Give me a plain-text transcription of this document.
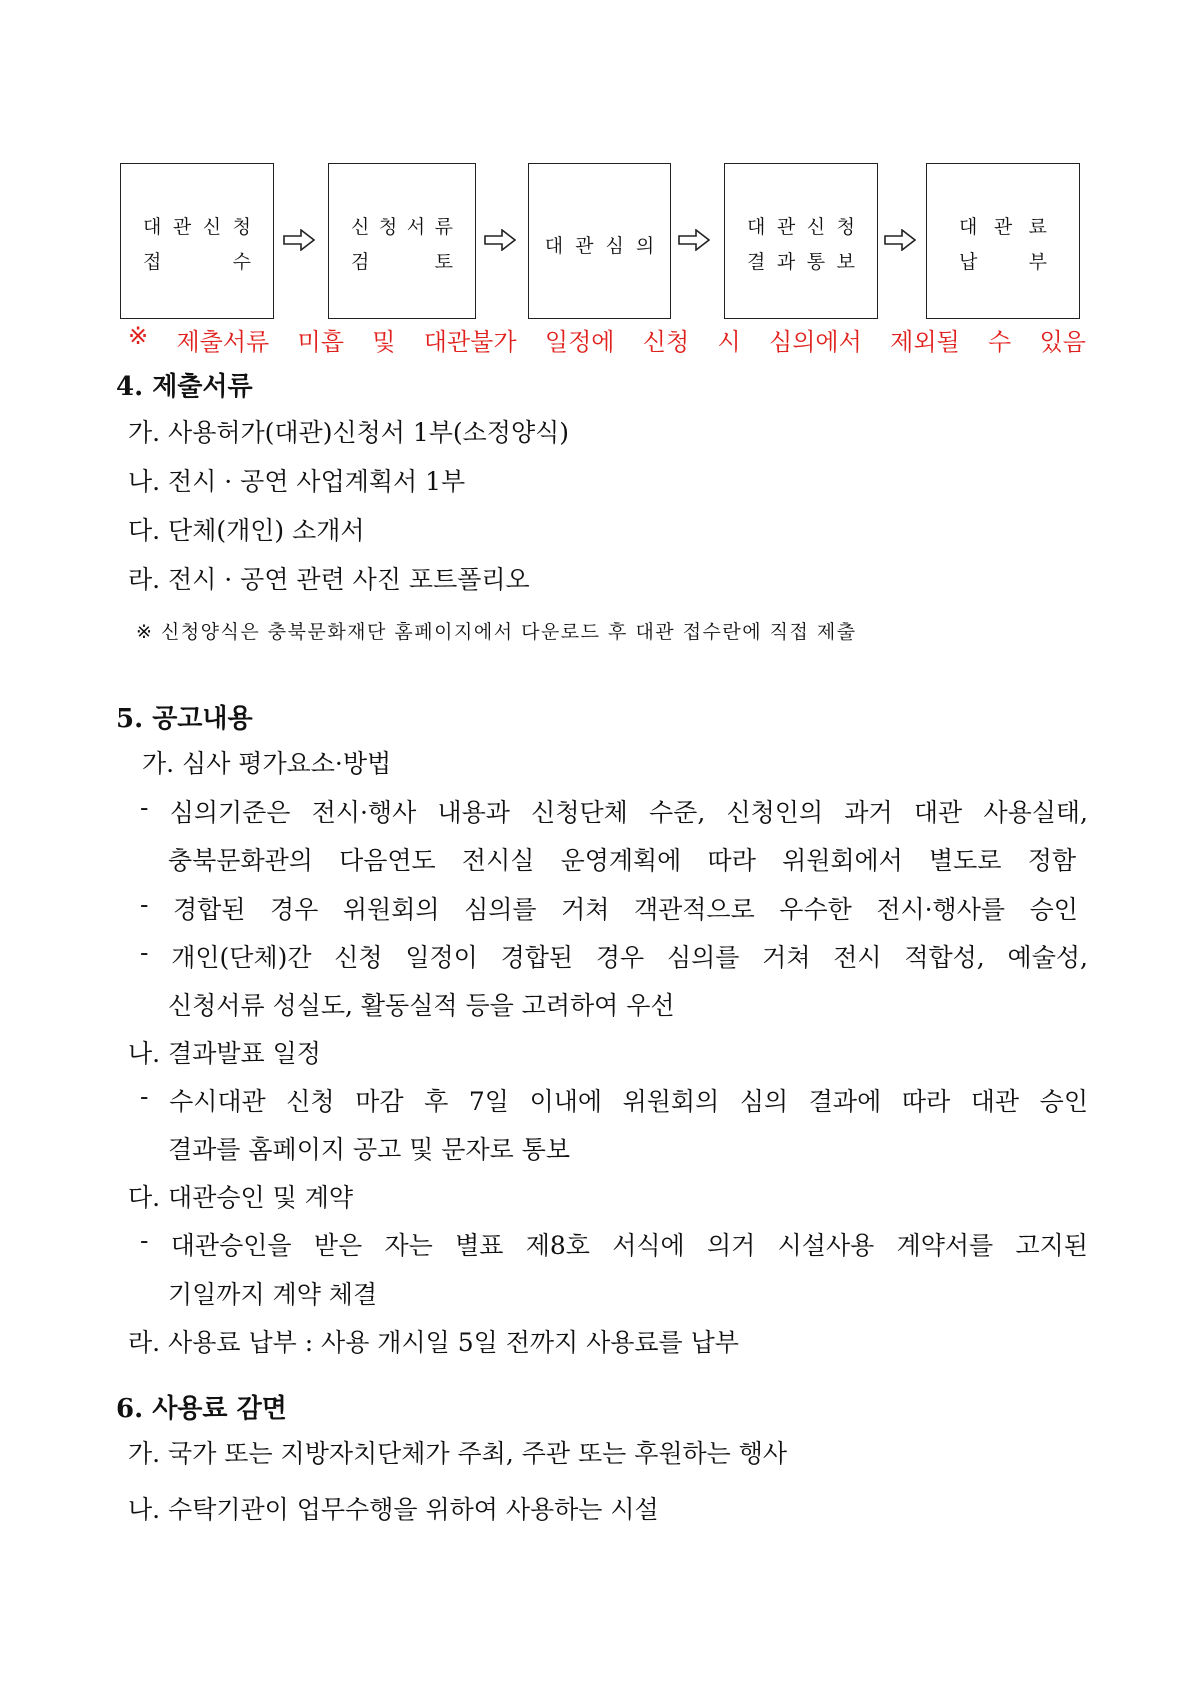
대 관 신 청
접	수
신 청 서 류
검	토
대관심의
대 관 신 청
결 과 통 보
대 관 료
납	부
※ 제출서류 미흡 및 대관불가 일정에 신청 시 심의에서 제외될 수 있음
4. 제출서류
가. 사용허가(대관)신청서 1부(소정양식)
나. 전시 · 공연 사업계획서 1부
다. 단체(개인) 소개서
라. 전시 · 공연 관련 사진 포트폴리오
※ 신청양식은 충북문화재단 홈페이지에서 다운로드 후 대관 접수란에 직접 제출
5. 공고내용
가. 심사 평가요소·방법
- 심의기준은 전시·행사 내용과 신청단체 수준, 신청인의 과거 대관 사용실태,
충북문화관의 다음연도 전시실 운영계획에 따라 위원회에서 별도로 정함
- 경합된 경우 위원회의 심의를 거쳐 객관적으로 우수한 전시·행사를 승인
- 개인(단체)간 신청 일정이 경합된 경우 심의를 거쳐 전시 적합성, 예술성,
신청서류 성실도, 활동실적 등을 고려하여 우선
나. 결과발표 일정
- 수시대관 신청 마감 후 7일 이내에 위원회의 심의 결과에 따라 대관 승인
결과를 홈페이지 공고 및 문자로 통보
다. 대관승인 및 계약
- 대관승인을 받은 자는 별표 제8호 서식에 의거 시설사용 계약서를 고지된
기일까지 계약 체결
라. 사용료 납부 : 사용 개시일 5일 전까지 사용료를 납부
6. 사용료 감면
가. 국가 또는 지방자치단체가 주최, 주관 또는 후원하는 행사
나. 수탁기관이 업무수행을 위하여 사용하는 시설
